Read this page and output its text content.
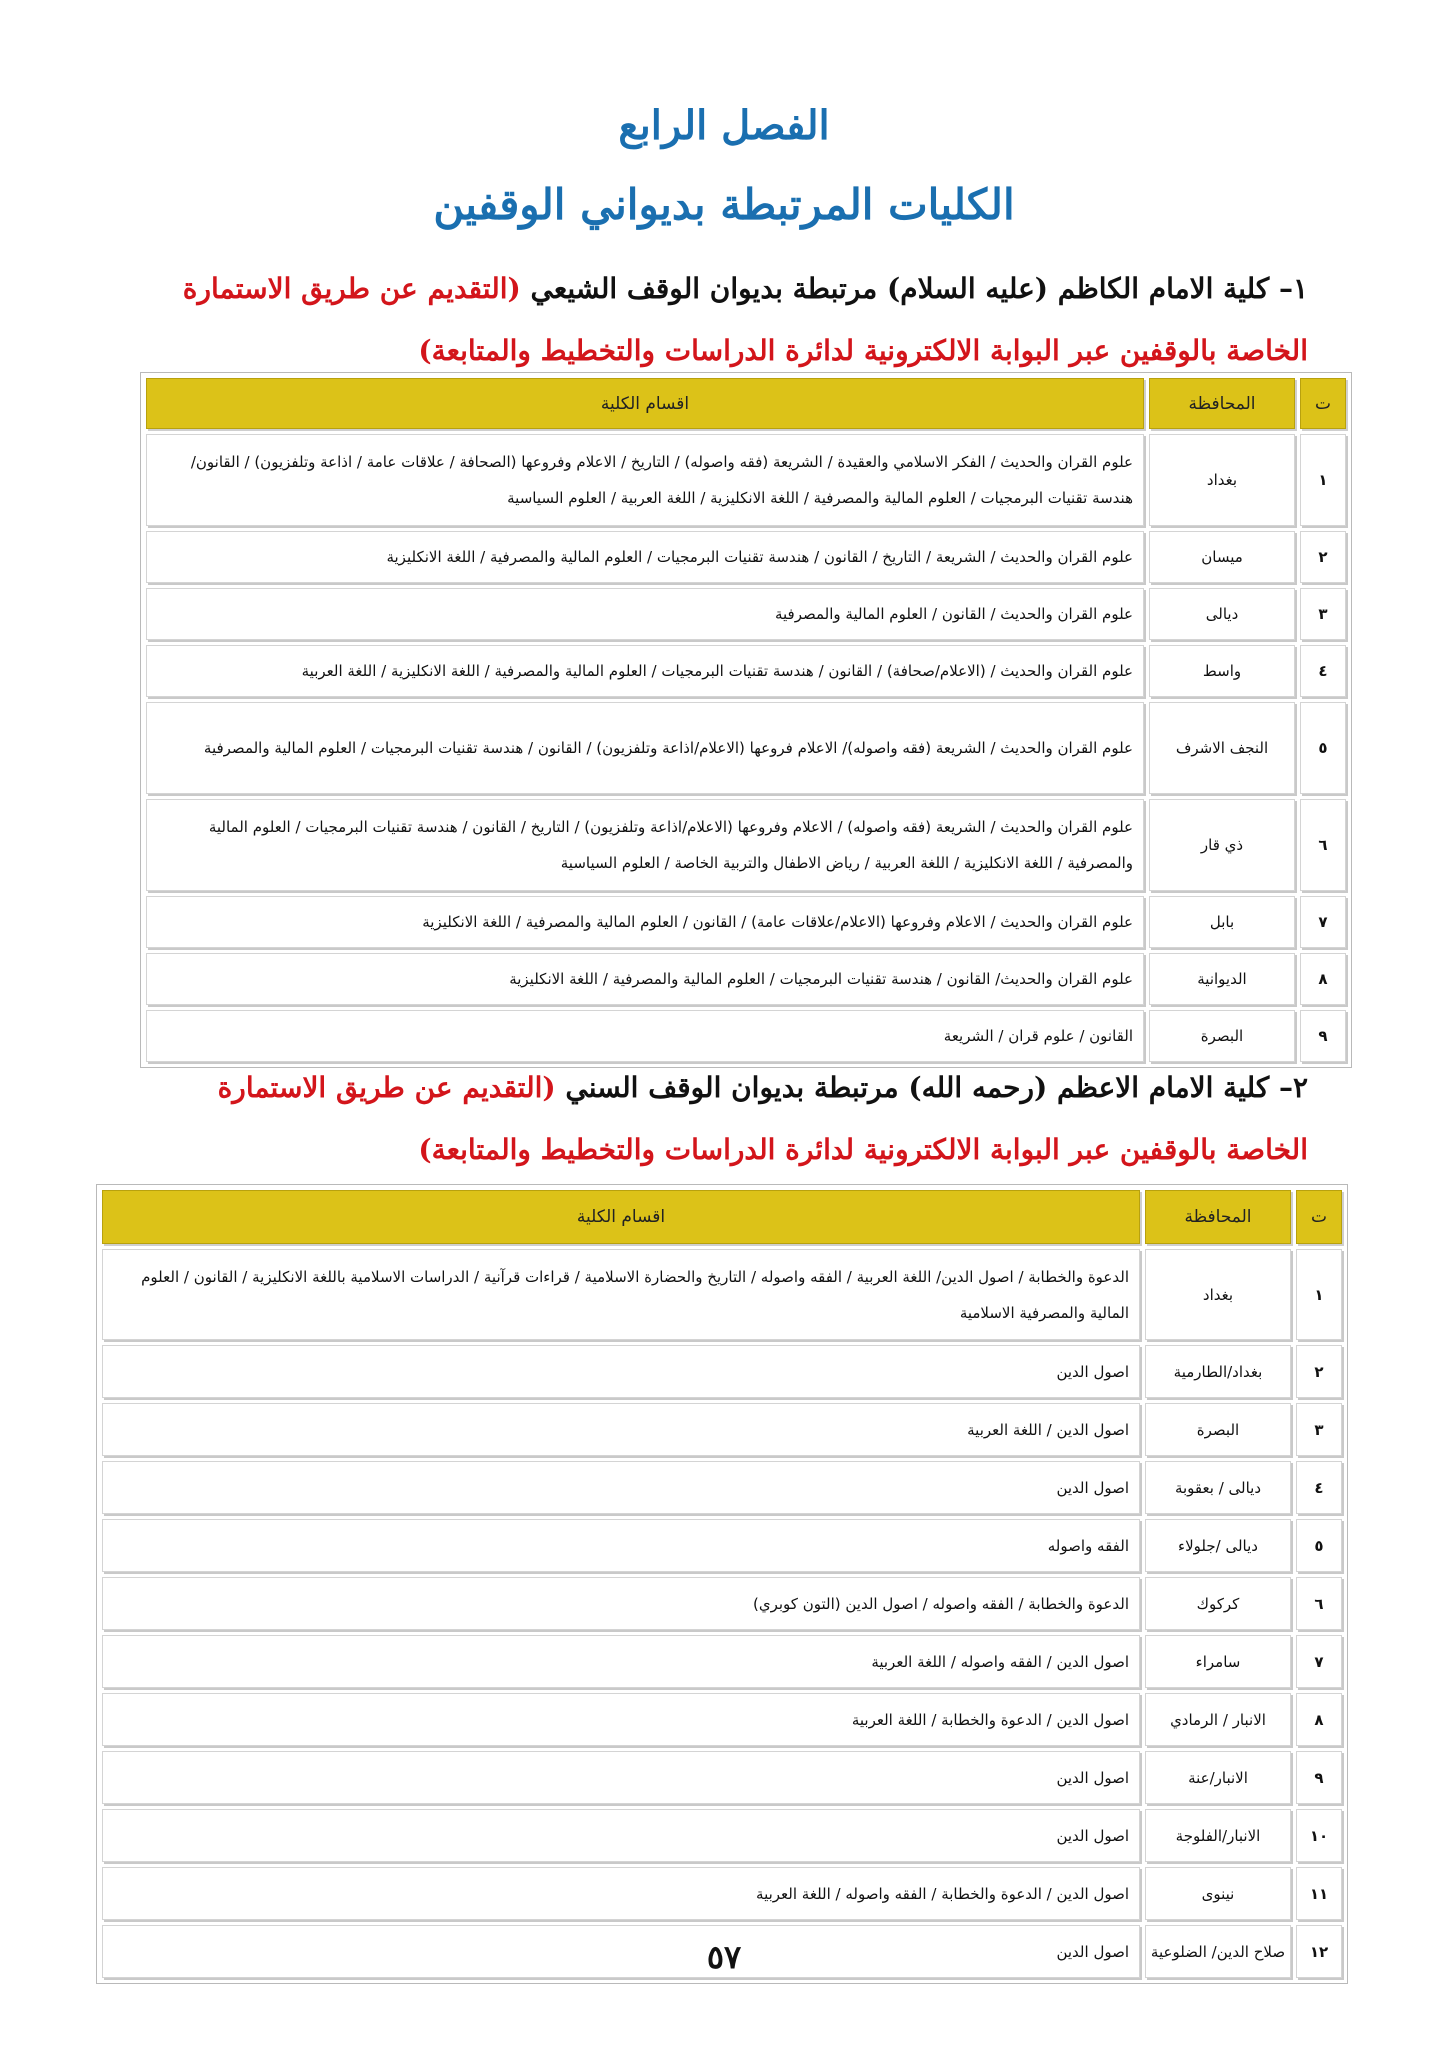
الفصل الرابع
الكليات المرتبطة بديواني الوقفين

١– كلية الامام الكاظم (عليه السلام) مرتبطة بديوان الوقف الشيعي (التقديم عن طريق الاستمارة الخاصة بالوقفين عبر البوابة الالكترونية لدائرة الدراسات والتخطيط والمتابعة)

ت	المحافظة	اقسام الكلية
١	بغداد	علوم القران والحديث / الفكر الاسلامي والعقيدة / الشريعة (فقه واصوله) / التاريخ / الاعلام وفروعها (الصحافة / علاقات عامة / اذاعة وتلفزيون) / القانون/ هندسة تقنيات البرمجيات / العلوم المالية والمصرفية / اللغة الانكليزية / اللغة العربية / العلوم السياسية
٢	ميسان	علوم القران والحديث / الشريعة / التاريخ / القانون / هندسة تقنيات البرمجيات / العلوم المالية والمصرفية / اللغة الانكليزية
٣	ديالى	علوم القران والحديث / القانون / العلوم المالية والمصرفية
٤	واسط	علوم القران والحديث / (الاعلام/صحافة) / القانون / هندسة تقنيات البرمجيات / العلوم المالية والمصرفية / اللغة الانكليزية / اللغة العربية
٥	النجف الاشرف	علوم القران والحديث / الشريعة (فقه واصوله)/ الاعلام فروعها (الاعلام/اذاعة وتلفزيون) / القانون / هندسة تقنيات البرمجيات / العلوم المالية والمصرفية
٦	ذي قار	علوم القران والحديث / الشريعة (فقه واصوله) / الاعلام وفروعها (الاعلام/اذاعة وتلفزيون) / التاريخ / القانون / هندسة تقنيات البرمجيات / العلوم المالية والمصرفية / اللغة الانكليزية / اللغة العربية / رياض الاطفال والتربية الخاصة / العلوم السياسية
٧	بابل	علوم القران والحديث / الاعلام وفروعها (الاعلام/علاقات عامة) / القانون / العلوم المالية والمصرفية / اللغة الانكليزية
٨	الديوانية	علوم القران والحديث/ القانون / هندسة تقنيات البرمجيات / العلوم المالية والمصرفية / اللغة الانكليزية
٩	البصرة	القانون / علوم قران / الشريعة

٢– كلية الامام الاعظم (رحمه الله) مرتبطة بديوان الوقف السني (التقديم عن طريق الاستمارة الخاصة بالوقفين عبر البوابة الالكترونية لدائرة الدراسات والتخطيط والمتابعة)

ت	المحافظة	اقسام الكلية
١	بغداد	الدعوة والخطابة / اصول الدين/ اللغة العربية / الفقه واصوله / التاريخ والحضارة الاسلامية / قراءات قرآنية / الدراسات الاسلامية باللغة الانكليزية / القانون / العلوم المالية والمصرفية الاسلامية
٢	بغداد/الطارمية	اصول الدين
٣	البصرة	اصول الدين / اللغة العربية
٤	ديالى / بعقوبة	اصول الدين
٥	ديالى /جلولاء	الفقه واصوله
٦	كركوك	الدعوة والخطابة / الفقه واصوله / اصول الدين (التون كوبري)
٧	سامراء	اصول الدين / الفقه واصوله / اللغة العربية
٨	الانبار / الرمادي	اصول الدين / الدعوة والخطابة / اللغة العربية
٩	الانبار/عنة	اصول الدين
١٠	الانبار/الفلوجة	اصول الدين
١١	نينوى	اصول الدين / الدعوة والخطابة / الفقه واصوله / اللغة العربية
١٢	صلاح الدين/ الضلوعية	اصول الدين

٥٧
